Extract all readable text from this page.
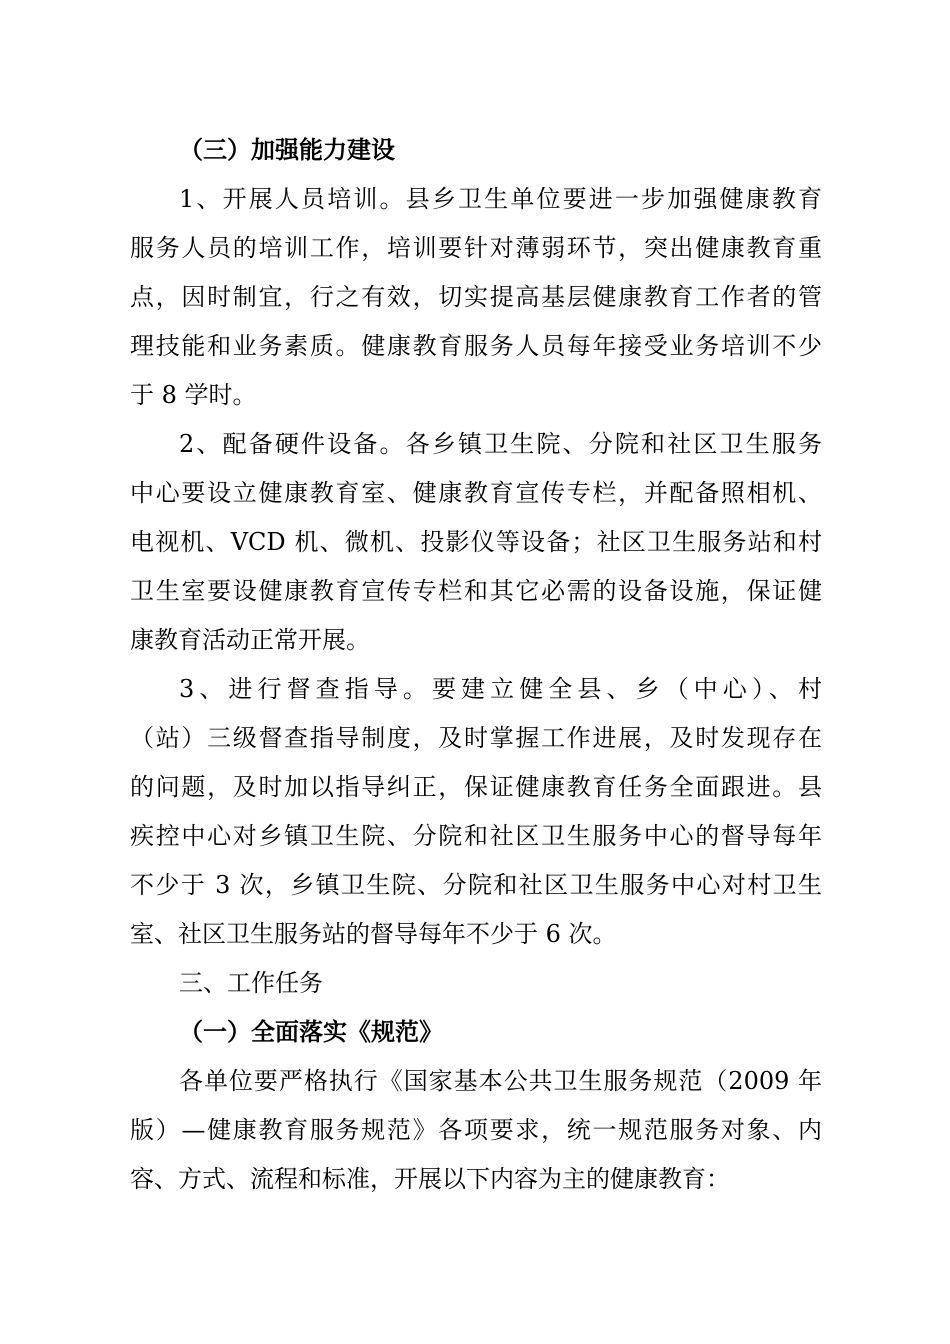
（三）加强能力建设
1、开展人员培训。县乡卫生单位要进一步加强健康教育
服务人员的培训工作，培训要针对薄弱环节，突出健康教育重
点，因时制宜，行之有效，切实提高基层健康教育工作者的管
理技能和业务素质。健康教育服务人员每年接受业务培训不少
于 8 学时。
2、配备硬件设备。各乡镇卫生院、分院和社区卫生服务
中心要设立健康教育室、健康教育宣传专栏，并配备照相机、
电视机、VCD 机、微机、投影仪等设备；社区卫生服务站和村
卫生室要设健康教育宣传专栏和其它必需的设备设施，保证健
康教育活动正常开展。
3、进行督查指导。要建立健全县、乡（中心）、村
（站）三级督查指导制度，及时掌握工作进展，及时发现存在
的问题，及时加以指导纠正，保证健康教育任务全面跟进。县
疾控中心对乡镇卫生院、分院和社区卫生服务中心的督导每年
不少于 3 次，乡镇卫生院、分院和社区卫生服务中心对村卫生
室、社区卫生服务站的督导每年不少于 6 次。
三、工作任务
（一）全面落实《规范》
各单位要严格执行《国家基本公共卫生服务规范（2009 年
版）—健康教育服务规范》各项要求，统一规范服务对象、内
容、方式、流程和标准，开展以下内容为主的健康教育：
